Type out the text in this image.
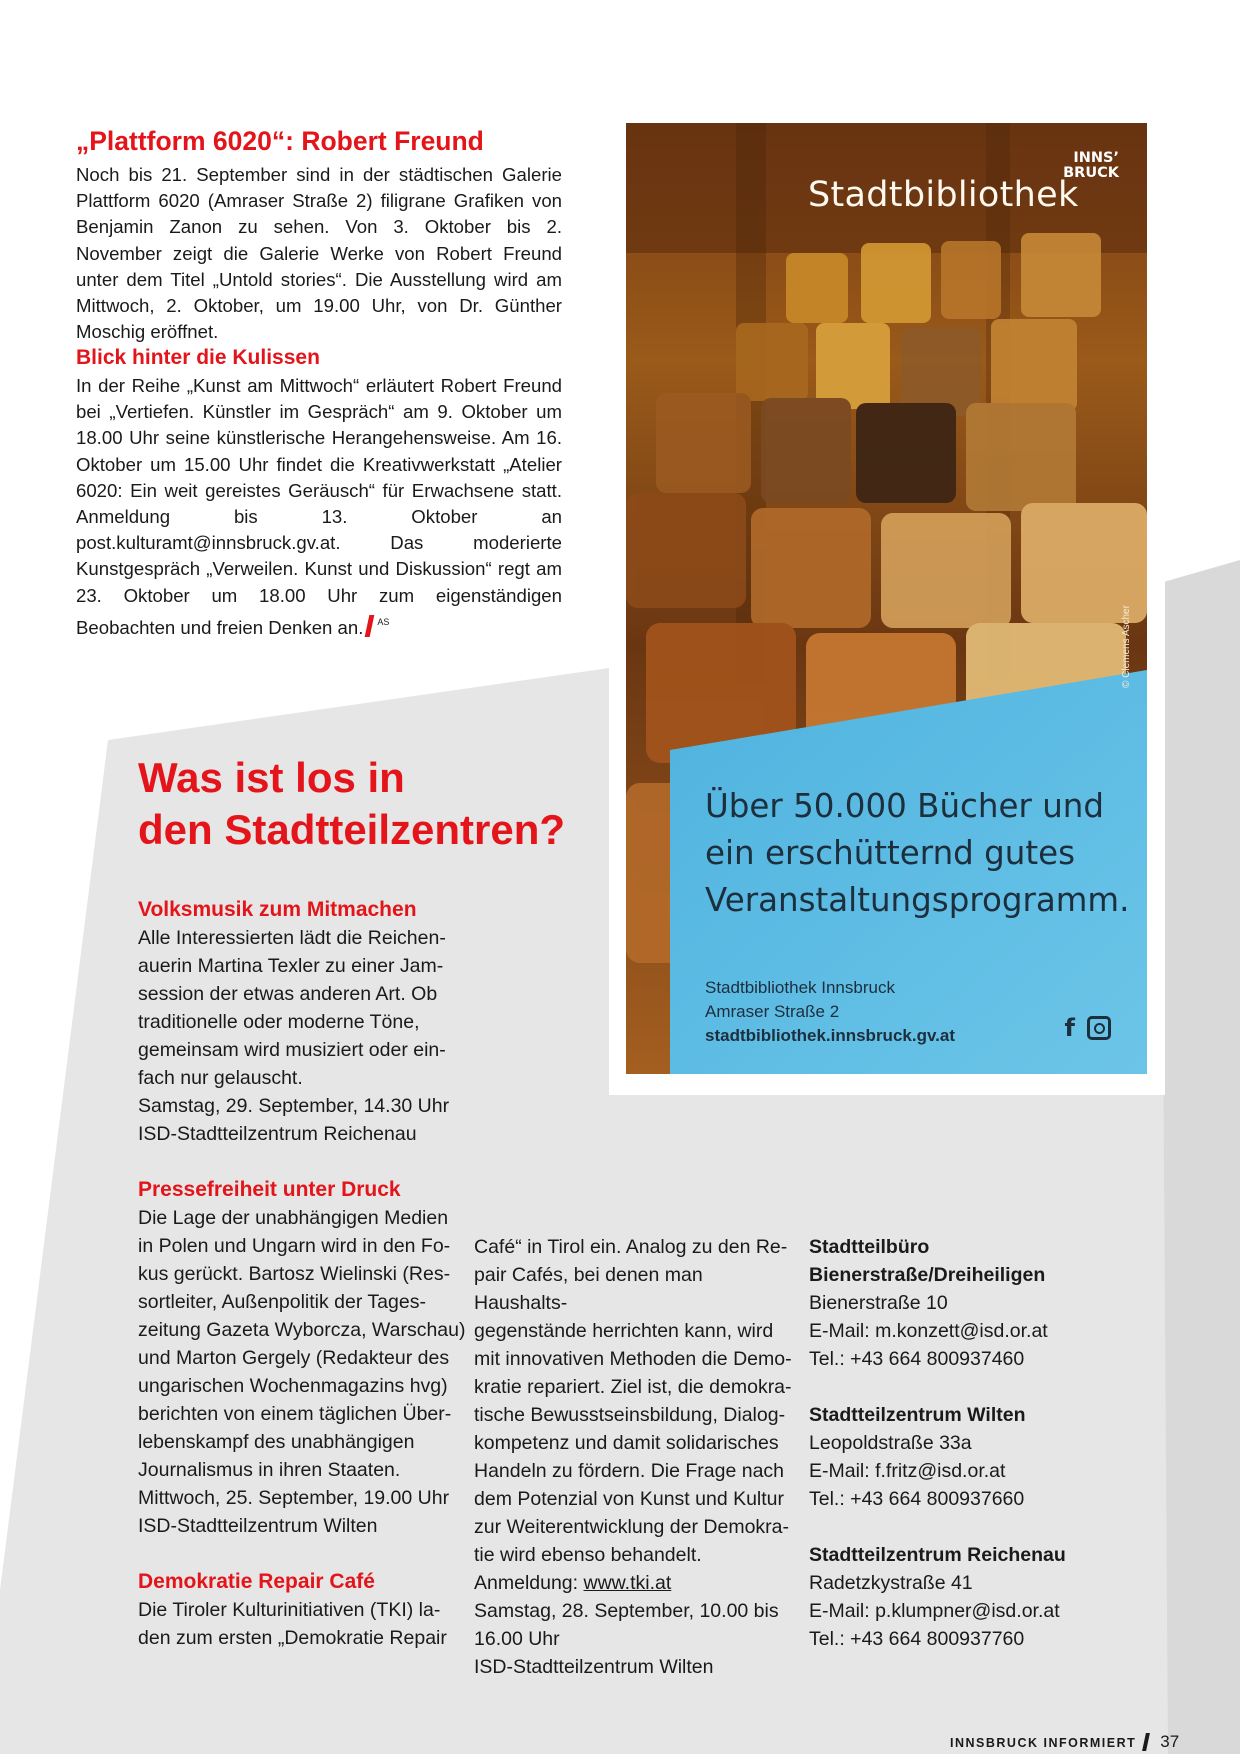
„Plattform 6020“: Robert Freund

Noch bis 21. September sind in der städtischen Galerie Plattform 6020 (Amraser Straße 2) filigrane Grafiken von Benjamin Zanon zu sehen. Von 3. Oktober bis 2. November zeigt die Galerie Werke von Robert Freund unter dem Titel „Untold stories“. Die Ausstellung wird am Mittwoch, 2. Oktober, um 19.00 Uhr, von Dr. Günther Moschig eröffnet.

Blick hinter die Kulissen

In der Reihe „Kunst am Mittwoch“ erläutert Robert Freund bei „Vertiefen. Künstler im Gespräch“ am 9. Oktober um 18.00 Uhr seine künstlerische Herangehensweise. Am 16. Oktober um 15.00 Uhr findet die Kreativwerkstatt „Atelier 6020: Ein weit gereistes Geräusch“ für Erwachsene statt. Anmeldung bis 13. Oktober an post.kulturamt@innsbruck.gv.at. Das moderierte Kunstgespräch „Verweilen. Kunst und Diskussion“ regt am 23. Oktober um 18.00 Uhr zum eigenständigen Beobachten und freien Denken an. $^{AS}$

INNS’
BRUCK
Stadtbibliothek
© Clemens Ascher
Über 50.000 Bücher und ein erschütternd gutes Veranstaltungsprogramm.
Stadtbibliothek Innsbruck
Amraser Straße 2
stadtbibliothek.innsbruck.gv.at	f
Was ist los in
den Stadtteilzentren?
Volksmusik zum Mitmachen
Alle Interessierten lädt die Reichen-
auerin Martina Texler zu einer Jam-
session der etwas anderen Art. Ob
traditionelle oder moderne Töne,
gemeinsam wird musiziert oder ein-
fach nur gelauscht.
Samstag, 29. September, 14.30 Uhr
ISD-Stadtteilzentrum Reichenau
Pressefreiheit unter Druck
Die Lage der unabhängigen Medien
in Polen und Ungarn wird in den Fo-
kus gerückt. Bartosz Wielinski (Res-
sortleiter, Außenpolitik der Tages-
zeitung Gazeta Wyborcza, Warschau)
und Marton Gergely (Redakteur des
ungarischen Wochenmagazins hvg)
berichten von einem täglichen Über-
lebenskampf des unabhängigen
Journalismus in ihren Staaten.
Mittwoch, 25. September, 19.00 Uhr
ISD-Stadtteilzentrum Wilten
Demokratie Repair Café
Die Tiroler Kulturinitiativen (TKI) la-
den zum ersten „Demokratie Repair
Café“ in Tirol ein. Analog zu den Re-
pair Cafés, bei denen man Haushalts-
gegenstände herrichten kann, wird
mit innovativen Methoden die Demo-
kratie repariert. Ziel ist, die demokra-
tische Bewusstseinsbildung, Dialog-
kompetenz und damit solidarisches
Handeln zu fördern. Die Frage nach
dem Potenzial von Kunst und Kultur
zur Weiterentwicklung der Demokra-
tie wird ebenso behandelt.
Anmeldung: www.tki.at
Samstag, 28. September, 10.00 bis
16.00 Uhr
ISD-Stadtteilzentrum Wilten
Stadtteilbüro
Bienerstraße/Dreiheiligen
Bienerstraße 10
E-Mail: m.konzett@isd.or.at
Tel.: +43 664 800937460
Stadtteilzentrum Wilten
Leopoldstraße 33a
E-Mail: f.fritz@isd.or.at
Tel.: +43 664 800937660
Stadtteilzentrum Reichenau
Radetzkystraße 41
E-Mail: p.klumpner@isd.or.at
Tel.: +43 664 800937760
INNSBRUCK INFORMIERT 37
